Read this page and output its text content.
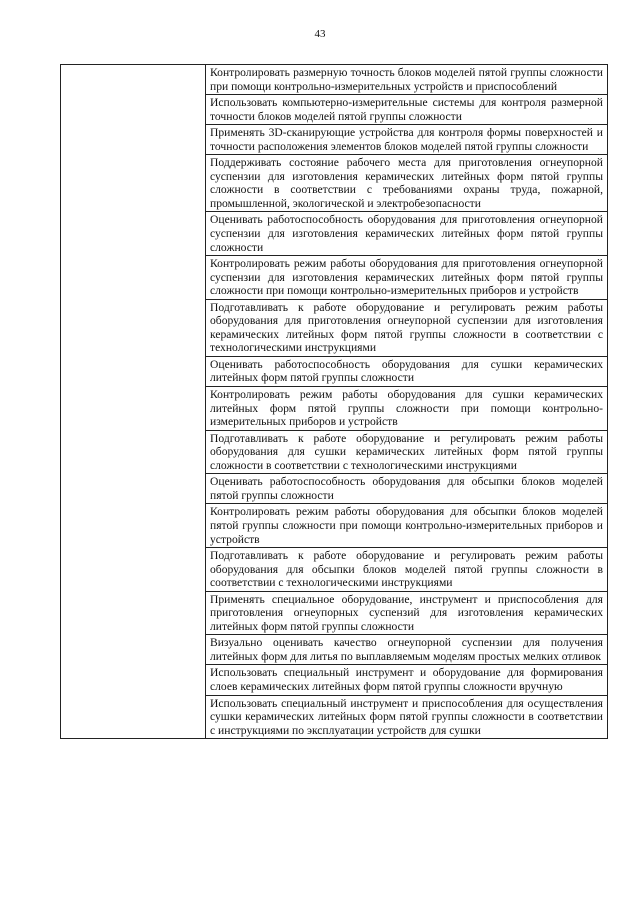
43
Контролировать размерную точность блоков моделей пятой группы сложности при помощи контрольно-измерительных устройств и приспособлений
Использовать компьютерно-измерительные системы для контроля размерной точности блоков моделей пятой группы сложности
Применять 3D-сканирующие устройства для контроля формы поверхностей и точности расположения элементов блоков моделей пятой группы сложности
Поддерживать состояние рабочего места для приготовления огнеупорной суспензии для изготовления керамических литейных форм пятой группы сложности в соответствии с требованиями охраны труда, пожарной, промышленной, экологической и электробезопасности
Оценивать работоспособность оборудования для приготовления огнеупорной суспензии для изготовления керамических литейных форм пятой группы сложности
Контролировать режим работы оборудования для приготовления огнеупорной суспензии для изготовления керамических литейных форм пятой группы сложности при помощи контрольно-измерительных приборов и устройств
Подготавливать к работе оборудование и регулировать режим работы оборудования для приготовления огнеупорной суспензии для изготовления керамических литейных форм пятой группы сложности в соответствии с технологическими инструкциями
Оценивать работоспособность оборудования для сушки керамических литейных форм пятой группы сложности
Контролировать режим работы оборудования для сушки керамических литейных форм пятой группы сложности при помощи контрольно-измерительных приборов и устройств
Подготавливать к работе оборудование и регулировать режим работы оборудования для сушки керамических литейных форм пятой группы сложности в соответствии с технологическими инструкциями
Оценивать работоспособность оборудования для обсыпки блоков моделей пятой группы сложности
Контролировать режим работы оборудования для обсыпки блоков моделей пятой группы сложности при помощи контрольно-измерительных приборов и устройств
Подготавливать к работе оборудование и регулировать режим работы оборудования для обсыпки блоков моделей пятой группы сложности в соответствии с технологическими инструкциями
Применять специальное оборудование, инструмент и приспособления для приготовления огнеупорных суспензий для изготовления керамических литейных форм пятой группы сложности
Визуально оценивать качество огнеупорной суспензии для получения литейных форм для литья по выплавляемым моделям простых мелких отливок
Использовать специальный инструмент и оборудование для формирования слоев керамических литейных форм пятой группы сложности вручную
Использовать специальный инструмент и приспособления для осуществления сушки керамических литейных форм пятой группы сложности в соответствии с инструкциями по эксплуатации устройств для сушки
